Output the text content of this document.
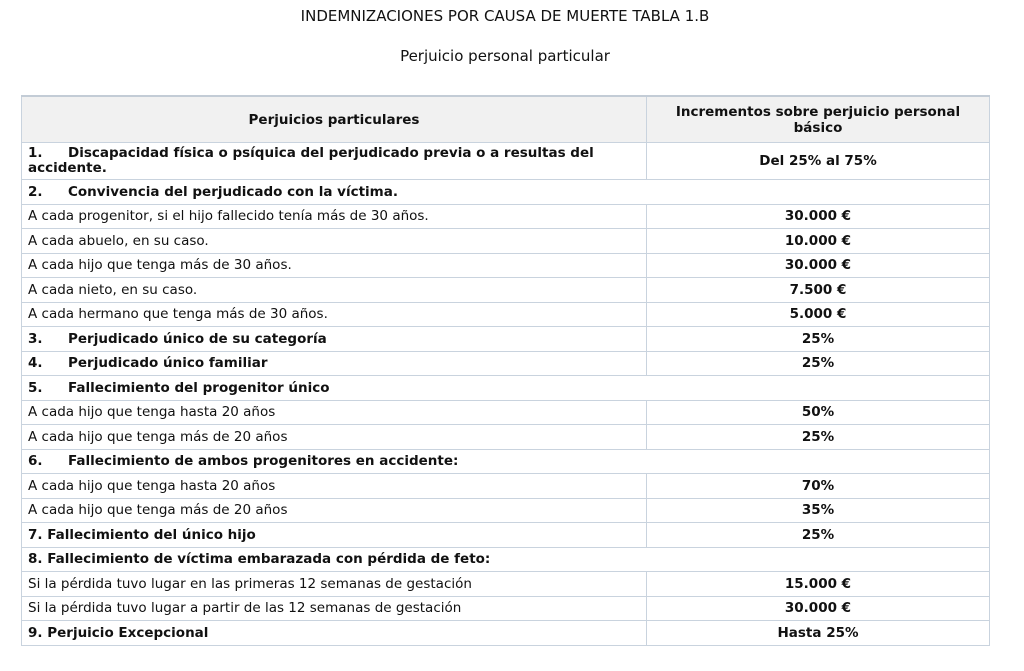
INDEMNIZACIONES POR CAUSA DE MUERTE TABLA 1.B
Perjuicio personal particular
Perjuicios particulares	Incrementos sobre perjuicio personal básico
1. Discapacidad física o psíquica del perjudicado previa o a resultas del accidente.	Del 25% al 75%
2. Convivencia del perjudicado con la víctima.	
A cada progenitor, si el hijo fallecido tenía más de 30 años.	30.000 €
A cada abuelo, en su caso.	10.000 €
A cada hijo que tenga más de 30 años.	30.000 €
A cada nieto, en su caso.	7.500 €
A cada hermano que tenga más de 30 años.	5.000 €
3. Perjudicado único de su categoría	25%
4. Perjudicado único familiar	25%
5. Fallecimiento del progenitor único	
A cada hijo que tenga hasta 20 años	50%
A cada hijo que tenga más de 20 años	25%
6. Fallecimiento de ambos progenitores en accidente:	
A cada hijo que tenga hasta 20 años	70%
A cada hijo que tenga más de 20 años	35%
7. Fallecimiento del único hijo	25%
8. Fallecimiento de víctima embarazada con pérdida de feto:	
Si la pérdida tuvo lugar en las primeras 12 semanas de gestación	15.000 €
Si la pérdida tuvo lugar a partir de las 12 semanas de gestación	30.000 €
9. Perjuicio Excepcional	Hasta 25%
